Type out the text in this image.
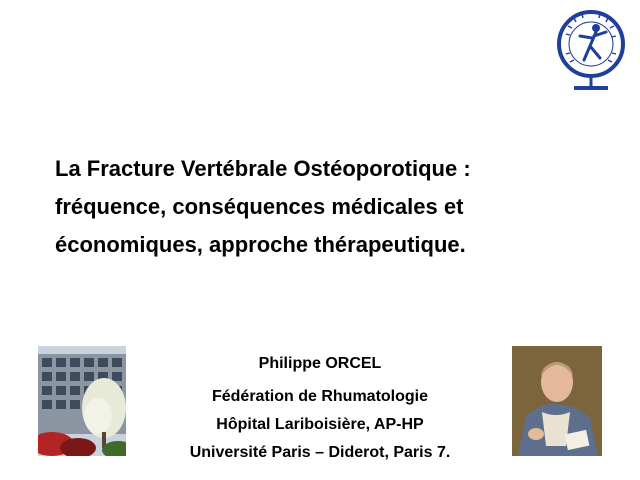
La Fracture Vertébrale Ostéoporotique :
fréquence, conséquences médicales et
économiques, approche thérapeutique.
Philippe ORCEL
Fédération de Rhumatologie
Hôpital Lariboisière, AP-HP
Université Paris – Diderot, Paris 7.
